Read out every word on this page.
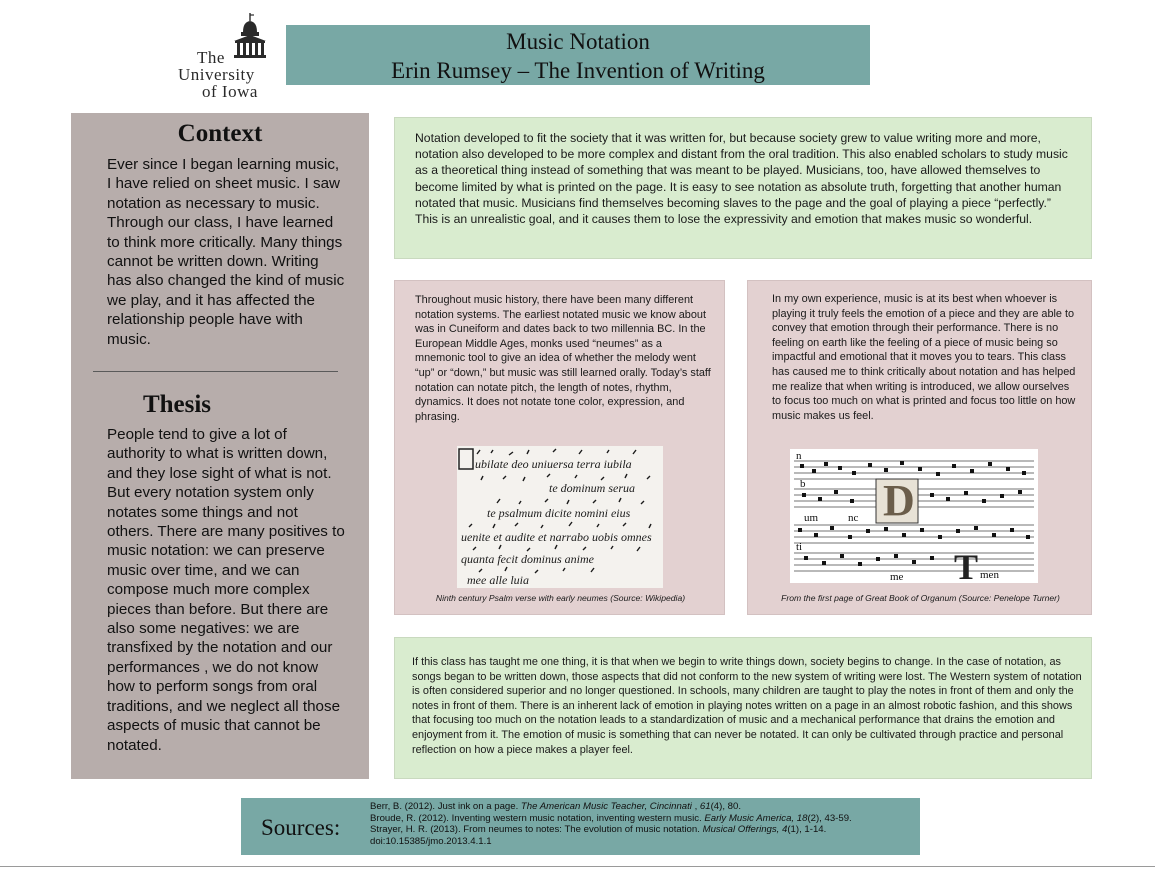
The
University
of Iowa
Music Notation
Erin Rumsey – The Invention of Writing
Context
Ever since I began learning music, I have relied on sheet music. I saw notation as necessary to music. Through our class, I have learned to think more critically. Many things cannot be written down. Writing has also changed the kind of music we play, and it has affected the relationship people have with music.
Thesis
People tend to give a lot of authority to what is written down, and they lose sight of what is not. But every notation system only notates some things and not others. There are many positives to music notation: we can preserve music over time, and we can compose much more complex pieces than before. But there are also some negatives: we are transfixed by the notation and our performances , we do not know how to perform songs from oral traditions, and we neglect all those aspects of music that cannot be notated.
Notation developed to fit the society that it was written for, but because society grew to value writing more and more, notation also developed to be more complex and distant from the oral tradition. This also enabled scholars to study music as a theoretical thing instead of something that was meant to be played. Musicians, too, have allowed themselves to become limited by what is printed on the page. It is easy to see notation as absolute truth, forgetting that another human notated that music. Musicians find themselves becoming slaves to the page and the goal of playing a piece “perfectly.” This is an unrealistic goal, and it causes them to lose the expressivity and emotion that makes music so wonderful.
Throughout music history, there have been many different notation systems. The earliest notated music we know about was in Cuneiform and dates back to two millennia BC. In the European Middle Ages, monks used “neumes” as a mnemonic tool to give an idea of whether the melody went “up” or “down,” but music was still learned orally. Today’s staff notation can notate pitch, the length of notes, rhythm, dynamics. It does not notate tone color, expression, and phrasing.
ubilate deo uniuersa terra iubila
te dominum serua
te psalmum dicite nomini eius
uenite et audite et narrabo uobis omnes
quanta fecit dominus anime
mee alle luia
Ninth century Psalm verse with early neumes (Source: Wikipedia)
In my own experience, music is at its best when whoever is playing it truly feels the emotion of a piece and they are able to convey that emotion through their performance. There is no feeling on earth like the feeling of a piece of music being so impactful and emotional that it moves you to tears. This class has caused me to think critically about notation and has helped me realize that when writing is introduced, we allow ourselves to focus too much on what is printed and focus too little on how music makes us feel.
D
T
n
b
um	nc
ti
me	men
From the first page of Great Book of Organum (Source: Penelope Turner)
If this class has taught me one thing, it is that when we begin to write things down, society begins to change. In the case of notation, as songs began to be written down, those aspects that did not conform to the new system of writing were lost. The Western system of notation is often considered superior and no longer questioned. In schools, many children are taught to play the notes in front of them and only the notes in front of them. There is an inherent lack of emotion in playing notes written on a page in an almost robotic fashion, and this shows that focusing too much on the notation leads to a standardization of music and a mechanical performance that drains the emotion and enjoyment from it. The emotion of music is something that can never be notated. It can only be cultivated through practice and personal reflection on how a piece makes a player feel.
Sources:
Berr, B. (2012). Just ink on a page. The American Music Teacher, Cincinnati , 61(4), 80.
Broude, R. (2012). Inventing western music notation, inventing western music. Early Music America, 18(2), 43-59.
Strayer, H. R. (2013). From neumes to notes: The evolution of music notation. Musical Offerings, 4(1), 1-14.
doi:10.15385/jmo.2013.4.1.1
